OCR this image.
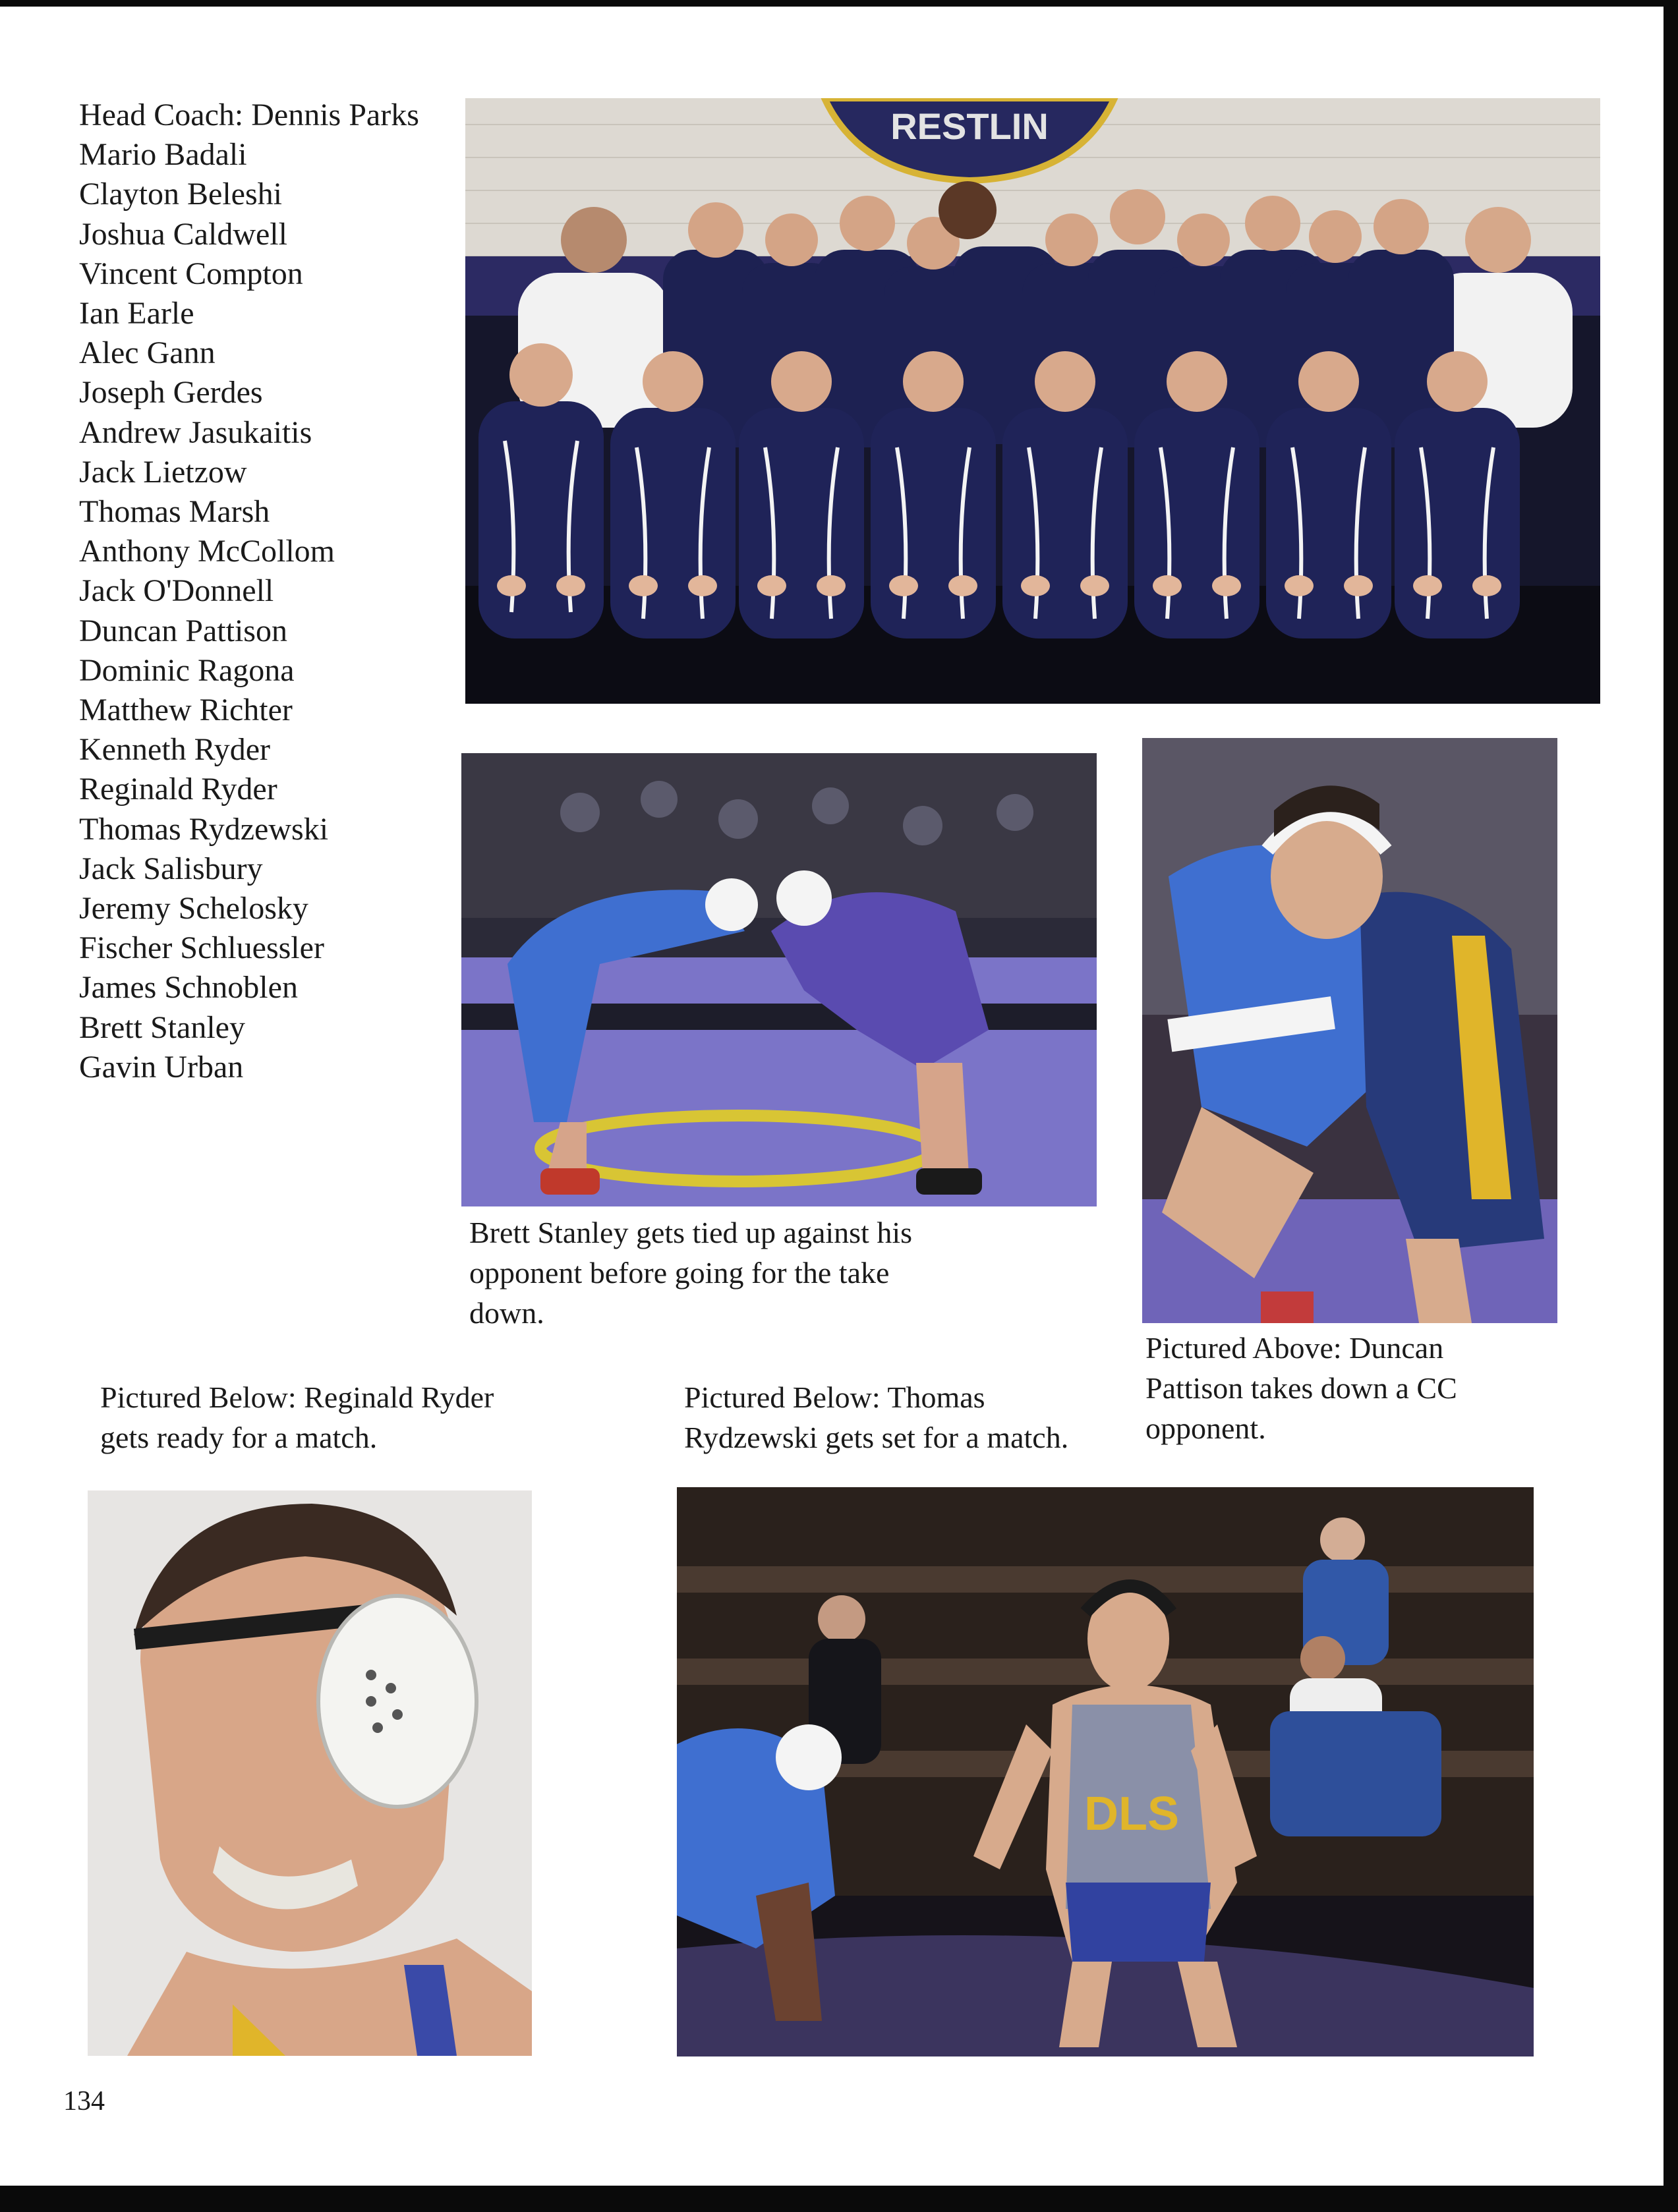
Head Coach: Dennis Parks
Mario Badali
Clayton Beleshi
Joshua Caldwell
Vincent Compton
Ian Earle
Alec Gann
Joseph Gerdes
Andrew Jasukaitis
Jack Lietzow
Thomas Marsh
Anthony McCollom
Jack O'Donnell
Duncan Pattison
Dominic Ragona
Matthew Richter
Kenneth Ryder
Reginald Ryder
Thomas Rydzewski
Jack Salisbury
Jeremy Schelosky
Fischer Schluessler
James Schnoblen
Brett Stanley
Gavin Urban
RESTLIN

Brett Stanley gets tied up against his opponent before going for the take down.

Pictured Above: Duncan Pattison takes down a CC opponent.

Pictured Below: Reginald Ryder gets ready for a match.

Pictured Below: Thomas Rydzewski gets set for a match.

DLS
134
